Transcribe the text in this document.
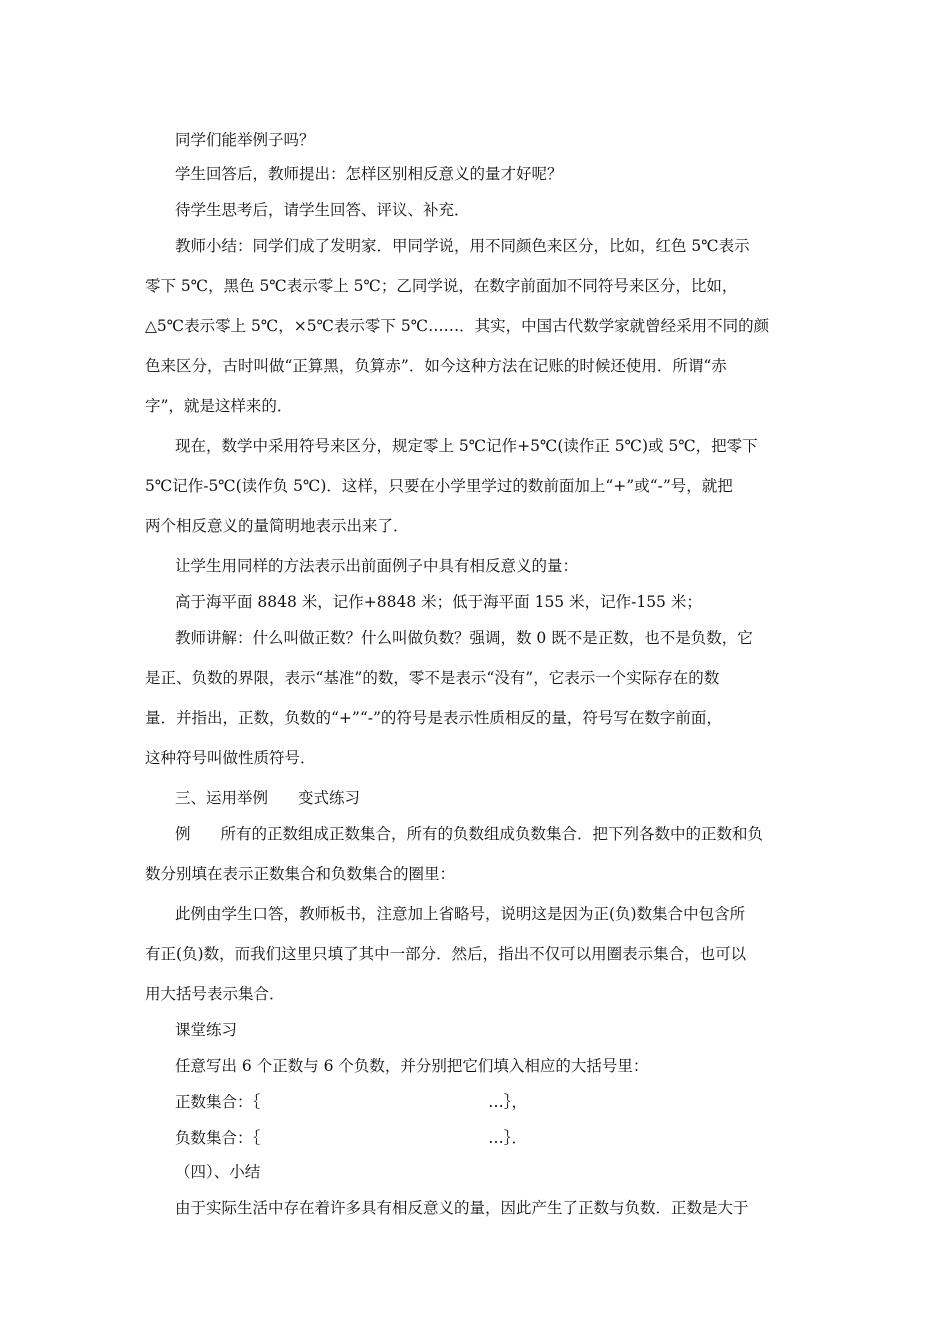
同学们能举例子吗？
学生回答后，教师提出：怎样区别相反意义的量才好呢？
待学生思考后，请学生回答、评议、补充．
教师小结：同学们成了发明家．甲同学说，用不同颜色来区分，比如，红色 5℃表示
零下 5℃，黑色 5℃表示零上 5℃；乙同学说，在数字前面加不同符号来区分，比如，
△5℃表示零上 5℃，×5℃表示零下 5℃……．其实，中国古代数学家就曾经采用不同的颜
色来区分，古时叫做“正算黑，负算赤”．如今这种方法在记账的时候还使用．所谓“赤
字”，就是这样来的．
现在，数学中采用符号来区分，规定零上 5℃记作+5℃(读作正 5℃)或 5℃，把零下
5℃记作-5℃(读作负 5℃)．这样，只要在小学里学过的数前面加上“+”或“-”号，就把
两个相反意义的量简明地表示出来了．
让学生用同样的方法表示出前面例子中具有相反意义的量：
高于海平面 8848 米，记作+8848 米；低于海平面 155 米，记作-155 米；
教师讲解：什么叫做正数？什么叫做负数？强调，数 0 既不是正数，也不是负数，它
是正、负数的界限，表示“基准”的数，零不是表示“没有”，它表示一个实际存在的数
量．并指出，正数，负数的“+”“-”的符号是表示性质相反的量，符号写在数字前面，
这种符号叫做性质符号．
三、运用举例 变式练习
例 所有的正数组成正数集合，所有的负数组成负数集合．把下列各数中的正数和负
数分别填在表示正数集合和负数集合的圈里：
此例由学生口答，教师板书，注意加上省略号，说明这是因为正(负)数集合中包含所
有正(负)数，而我们这里只填了其中一部分．然后，指出不仅可以用圈表示集合，也可以
用大括号表示集合．
课堂练习
任意写出 6 个正数与 6 个负数，并分别把它们填入相应的大括号里：
正数集合：｛	…｝，
负数集合：｛	…｝．
（四）、小结
由于实际生活中存在着许多具有相反意义的量，因此产生了正数与负数．正数是大于
